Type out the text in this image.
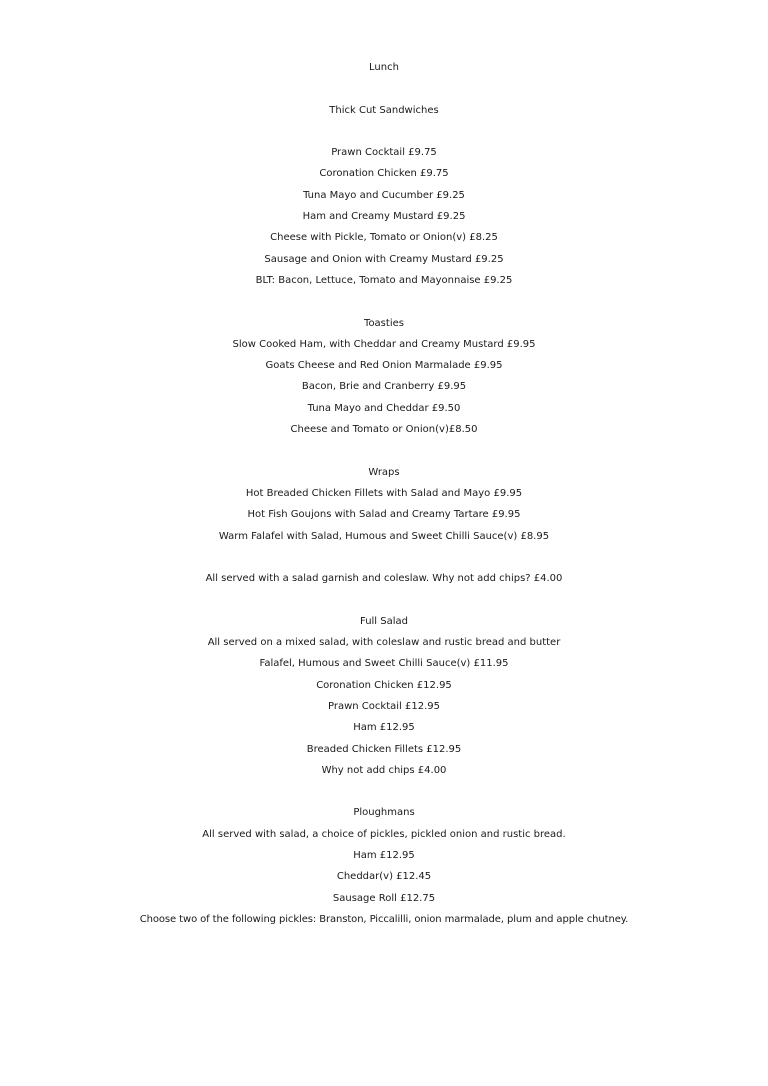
Lunch
Thick Cut Sandwiches
Prawn Cocktail £9.75
Coronation Chicken £9.75
Tuna Mayo and Cucumber £9.25
Ham and Creamy Mustard £9.25
Cheese with Pickle, Tomato or Onion(v) £8.25
Sausage and Onion with Creamy Mustard £9.25
BLT: Bacon, Lettuce, Tomato and Mayonnaise £9.25
Toasties
Slow Cooked Ham, with Cheddar and Creamy Mustard £9.95
Goats Cheese and Red Onion Marmalade £9.95
Bacon, Brie and Cranberry £9.95
Tuna Mayo and Cheddar £9.50
Cheese and Tomato or Onion(v)£8.50
Wraps
Hot Breaded Chicken Fillets with Salad and Mayo £9.95
Hot Fish Goujons with Salad and Creamy Tartare £9.95
Warm Falafel with Salad, Humous and Sweet Chilli Sauce(v) £8.95
All served with a salad garnish and coleslaw. Why not add chips? £4.00
Full Salad
All served on a mixed salad, with coleslaw and rustic bread and butter
Falafel, Humous and Sweet Chilli Sauce(v) £11.95
Coronation Chicken £12.95
Prawn Cocktail £12.95
Ham £12.95
Breaded Chicken Fillets £12.95
Why not add chips £4.00
Ploughmans
All served with salad, a choice of pickles, pickled onion and rustic bread.
Ham £12.95
Cheddar(v) £12.45
Sausage Roll £12.75
Choose two of the following pickles: Branston, Piccalilli, onion marmalade, plum and apple chutney.
